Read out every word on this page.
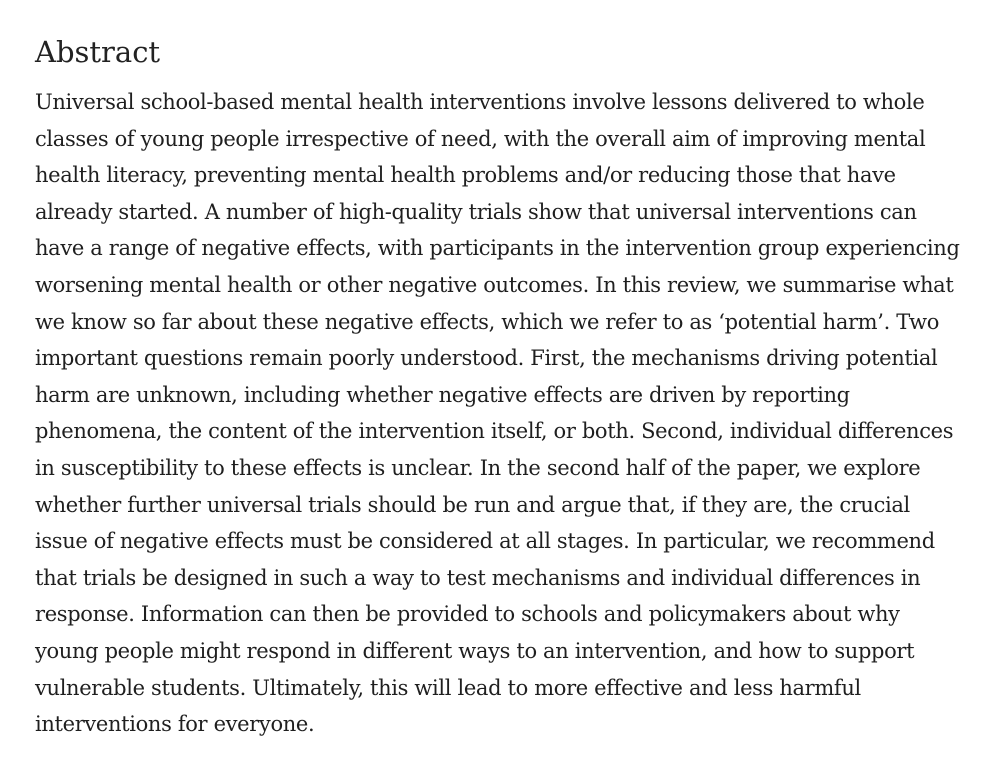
Abstract

Universal school-based mental health interventions involve lessons delivered to whole
classes of young people irrespective of need, with the overall aim of improving mental
health literacy, preventing mental health problems and/or reducing those that have
already started. A number of high-quality trials show that universal interventions can
have a range of negative effects, with participants in the intervention group experiencing
worsening mental health or other negative outcomes. In this review, we summarise what
we know so far about these negative effects, which we refer to as ‘potential harm’. Two
important questions remain poorly understood. First, the mechanisms driving potential
harm are unknown, including whether negative effects are driven by reporting
phenomena, the content of the intervention itself, or both. Second, individual differences
in susceptibility to these effects is unclear. In the second half of the paper, we explore
whether further universal trials should be run and argue that, if they are, the crucial
issue of negative effects must be considered at all stages. In particular, we recommend
that trials be designed in such a way to test mechanisms and individual differences in
response. Information can then be provided to schools and policymakers about why
young people might respond in different ways to an intervention, and how to support
vulnerable students. Ultimately, this will lead to more effective and less harmful
interventions for everyone.
